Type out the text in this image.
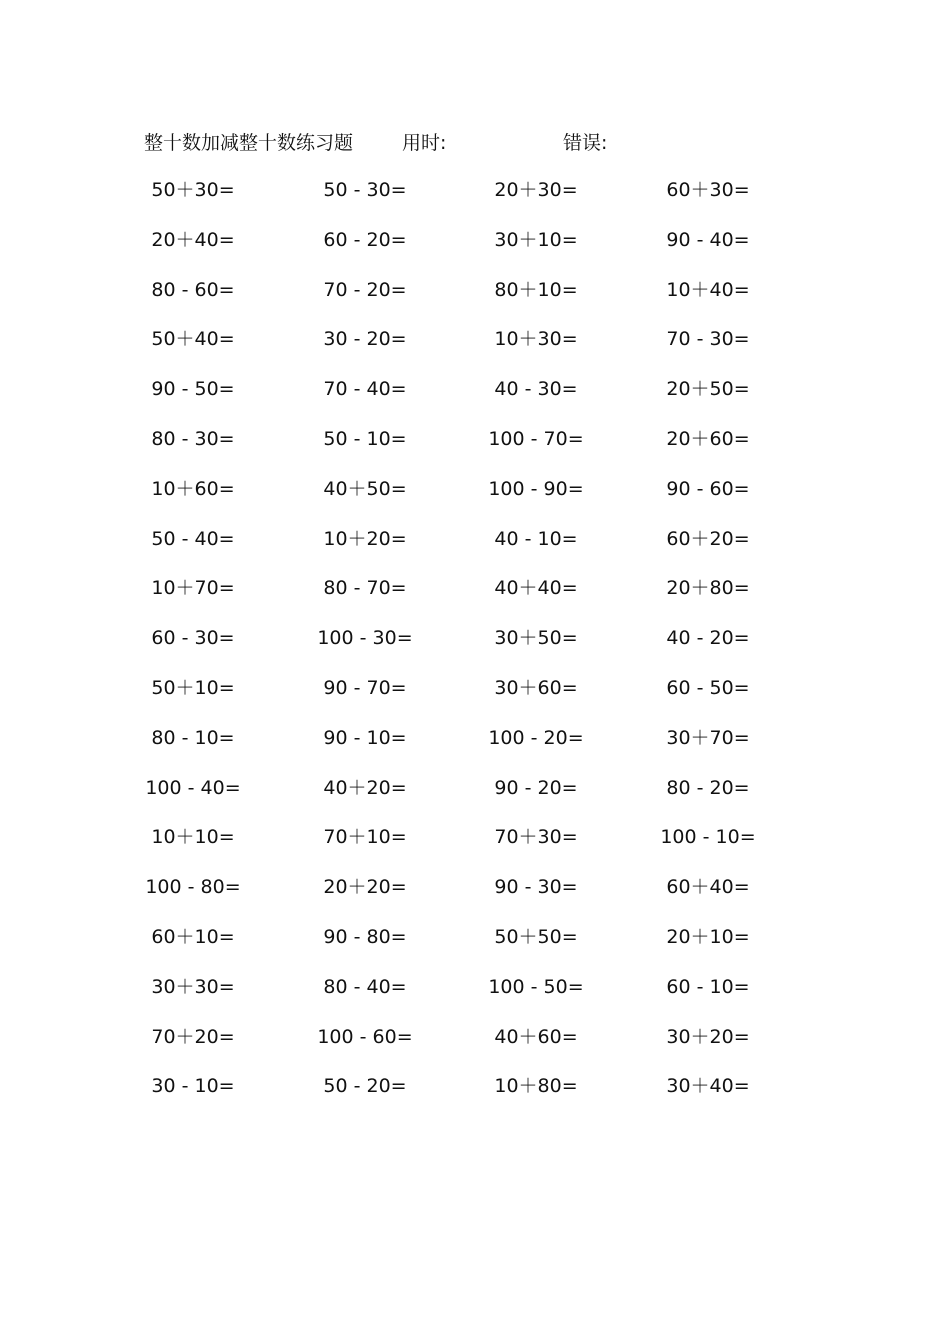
整十数加减整十数练习题	用时:	错误:
50＋30=	50 - 30=	20＋30=	60＋30=
20＋40=	60 - 20=	30＋10=	90 - 40=
80 - 60=	70 - 20=	80＋10=	10＋40=
50＋40=	30 - 20=	10＋30=	70 - 30=
90 - 50=	70 - 40=	40 - 30=	20＋50=
80 - 30=	50 - 10=	100 - 70=	20＋60=
10＋60=	40＋50=	100 - 90=	90 - 60=
50 - 40=	10＋20=	40 - 10=	60＋20=
10＋70=	80 - 70=	40＋40=	20＋80=
60 - 30=	100 - 30=	30＋50=	40 - 20=
50＋10=	90 - 70=	30＋60=	60 - 50=
80 - 10=	90 - 10=	100 - 20=	30＋70=
100 - 40=	40＋20=	90 - 20=	80 - 20=
10＋10=	70＋10=	70＋30=	100 - 10=
100 - 80=	20＋20=	90 - 30=	60＋40=
60＋10=	90 - 80=	50＋50=	20＋10=
30＋30=	80 - 40=	100 - 50=	60 - 10=
70＋20=	100 - 60=	40＋60=	30＋20=
30 - 10=	50 - 20=	10＋80=	30＋40=
